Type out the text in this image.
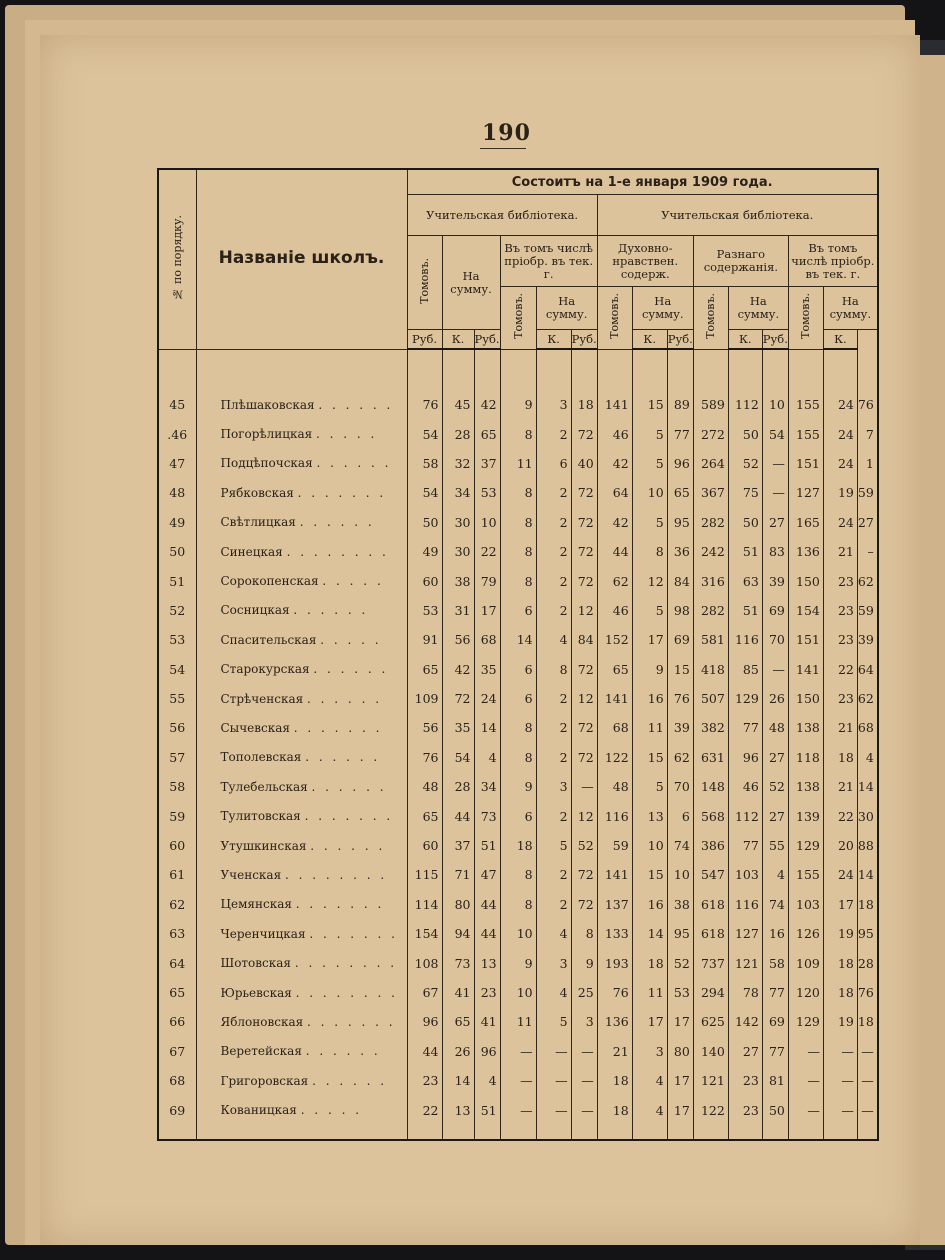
190
№ по порядку.	Названіе школъ.	Состоитъ на 1-е января 1909 года.														
		Учительская библіотека.						Учительская библіотека.								
		Томовъ.	На сумму.		Въ томъ числѣ пріобр. въ тек. г.			Духовно-нравствен. содерж.			Разнаго содержанія.			Въ томъ числѣ пріобр. въ тек. г.		
					Томовъ.	На сумму.		Томовъ.	На сумму.		Томовъ.	На сумму.		Томовъ.	На сумму.	
		Руб.	К.	Руб.		К.	Руб.		К.	Руб.		К.	Руб.		К.	

45	Плѣшаковская . . . . . .	76	45	42	9	3	18	141	15	89	589	112	10	155	24	76
.46	Погорѣлицкая . . . . .	54	28	65	8	2	72	46	5	77	272	50	54	155	24	7
47	Подцѣпочская . . . . . .	58	32	37	11	6	40	42	5	96	264	52	—	151	24	1
48	Рябковская . . . . . . .	54	34	53	8	2	72	64	10	65	367	75	—	127	19	59
49	Свѣтлицкая . . . . . .	50	30	10	8	2	72	42	5	95	282	50	27	165	24	27
50	Синецкая . . . . . . . .	49	30	22	8	2	72	44	8	36	242	51	83	136	21	–
51	Сорокопенская . . . . .	60	38	79	8	2	72	62	12	84	316	63	39	150	23	62
52	Сосницкая . . . . . .	53	31	17	6	2	12	46	5	98	282	51	69	154	23	59
53	Спасительская . . . . .	91	56	68	14	4	84	152	17	69	581	116	70	151	23	39
54	Старокурская . . . . . .	65	42	35	6	8	72	65	9	15	418	85	—	141	22	64
55	Стрѣченская . . . . . .	109	72	24	6	2	12	141	16	76	507	129	26	150	23	62
56	Сычевская . . . . . . .	56	35	14	8	2	72	68	11	39	382	77	48	138	21	68
57	Тополевская . . . . . .	76	54	4	8	2	72	122	15	62	631	96	27	118	18	4
58	Тулебельская . . . . . .	48	28	34	9	3	—	48	5	70	148	46	52	138	21	14
59	Тулитовская . . . . . . .	65	44	73	6	2	12	116	13	6	568	112	27	139	22	30
60	Утушкинская . . . . . .	60	37	51	18	5	52	59	10	74	386	77	55	129	20	88
61	Ученская . . . . . . . .	115	71	47	8	2	72	141	15	10	547	103	4	155	24	14
62	Цемянская . . . . . . .	114	80	44	8	2	72	137	16	38	618	116	74	103	17	18
63	Черенчицкая . . . . . . .	154	94	44	10	4	8	133	14	95	618	127	16	126	19	95
64	Шотовская . . . . . . . .	108	73	13	9	3	9	193	18	52	737	121	58	109	18	28
65	Юрьевская . . . . . . . .	67	41	23	10	4	25	76	11	53	294	78	77	120	18	76
66	Яблоновская . . . . . . .	96	65	41	11	5	3	136	17	17	625	142	69	129	19	18
67	Веретейская . . . . . .	44	26	96	—	—	—	21	3	80	140	27	77	—	—	—
68	Григоровская . . . . . .	23	14	4	—	—	—	18	4	17	121	23	81	—	—	—
69	Кованицкая . . . . .	22	13	51	—	—	—	18	4	17	122	23	50	—	—	—
